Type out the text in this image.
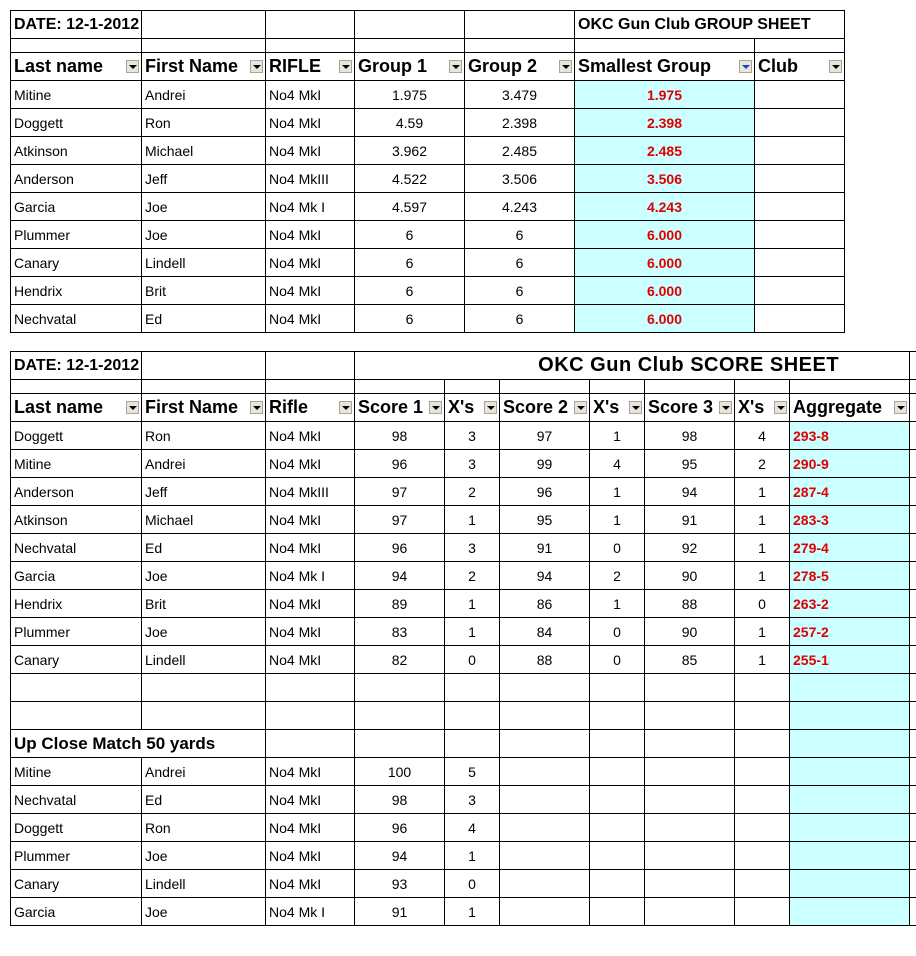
DATE: 12-1-2012					OKC Gun Club GROUP SHEET	

Last name	First Name	RIFLE	Group 1	Group 2	Smallest Group	Club

Mitine	Andrei	No4 MkI	1.975	3.479	1.975	
Doggett	Ron	No4 MkI	4.59	2.398	2.398	
Atkinson	Michael	No4 MkI	3.962	2.485	2.485	
Anderson	Jeff	No4 MkIII	4.522	3.506	3.506	
Garcia	Joe	No4 Mk I	4.597	4.243	4.243	
Plummer	Joe	No4 MkI	6	6	6.000	
Canary	Lindell	No4 MkI	6	6	6.000	
Hendrix	Brit	No4 MkI	6	6	6.000	
Nechvatal	Ed	No4 MkI	6	6	6.000	
DATE: 12-1-2012			OKC Gun Club SCORE SHEET							

Last name	First Name	Rifle	Score 1	X's	Score 2	X's	Score 3	X's	Aggregate

Doggett	Ron	No4 MkI	98	3	97	1	98	4	293-8	
Mitine	Andrei	No4 MkI	96	3	99	4	95	2	290-9	
Anderson	Jeff	No4 MkIII	97	2	96	1	94	1	287-4	
Atkinson	Michael	No4 MkI	97	1	95	1	91	1	283-3	
Nechvatal	Ed	No4 MkI	96	3	91	0	92	1	279-4	
Garcia	Joe	No4 Mk I	94	2	94	2	90	1	278-5	
Hendrix	Brit	No4 MkI	89	1	86	1	88	0	263-2	
Plummer	Joe	No4 MkI	83	1	84	0	90	1	257-2	
Canary	Lindell	No4 MkI	82	0	88	0	85	1	255-1	

Up Close Match 50 yards										
Mitine	Andrei	No4 MkI	100	5						
Nechvatal	Ed	No4 MkI	98	3						
Doggett	Ron	No4 MkI	96	4						
Plummer	Joe	No4 MkI	94	1						
Canary	Lindell	No4 MkI	93	0						
Garcia	Joe	No4 Mk I	91	1						
